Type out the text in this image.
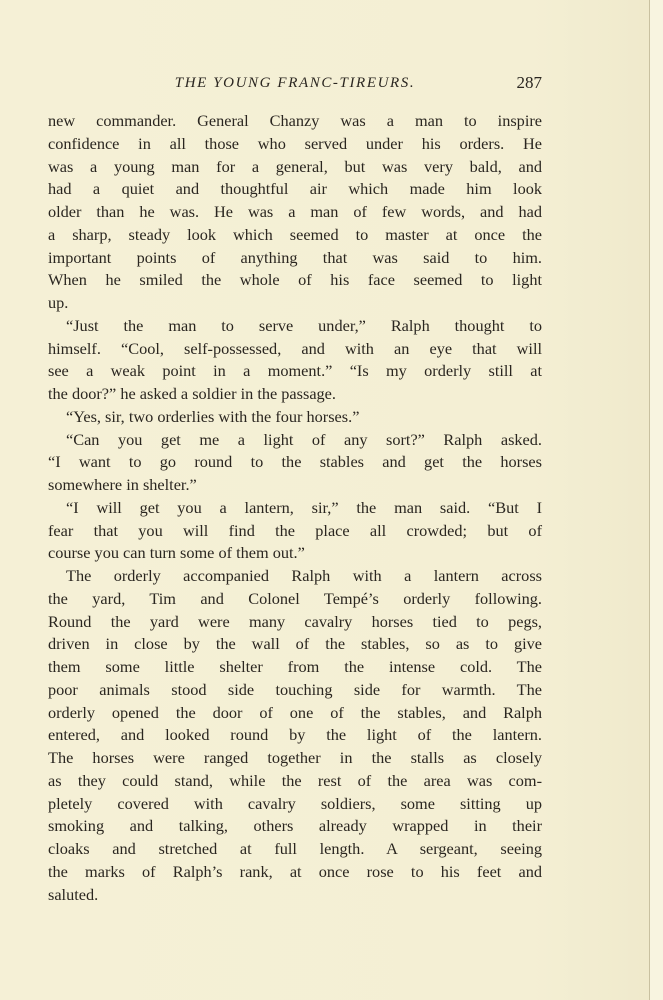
THE YOUNG FRANC-TIREURS.	287
new commander. General Chanzy was a man to inspire
confidence in all those who served under his orders. He
was a young man for a general, but was very bald, and
had a quiet and thoughtful air which made him look
older than he was. He was a man of few words, and had
a sharp, steady look which seemed to master at once the
important points of anything that was said to him.
When he smiled the whole of his face seemed to light
up.
“Just the man to serve under,” Ralph thought to
himself. “Cool, self-possessed, and with an eye that will
see a weak point in a moment.” “Is my orderly still at
the door?” he asked a soldier in the passage.
“Yes, sir, two orderlies with the four horses.”
“Can you get me a light of any sort?” Ralph asked.
“I want to go round to the stables and get the horses
somewhere in shelter.”
“I will get you a lantern, sir,” the man said. “But I
fear that you will find the place all crowded; but of
course you can turn some of them out.”
The orderly accompanied Ralph with a lantern across
the yard, Tim and Colonel Tempé’s orderly following.
Round the yard were many cavalry horses tied to pegs,
driven in close by the wall of the stables, so as to give
them some little shelter from the intense cold. The
poor animals stood side touching side for warmth. The
orderly opened the door of one of the stables, and Ralph
entered, and looked round by the light of the lantern.
The horses were ranged together in the stalls as closely
as they could stand, while the rest of the area was com-
pletely covered with cavalry soldiers, some sitting up
smoking and talking, others already wrapped in their
cloaks and stretched at full length. A sergeant, seeing
the marks of Ralph’s rank, at once rose to his feet and
saluted.
